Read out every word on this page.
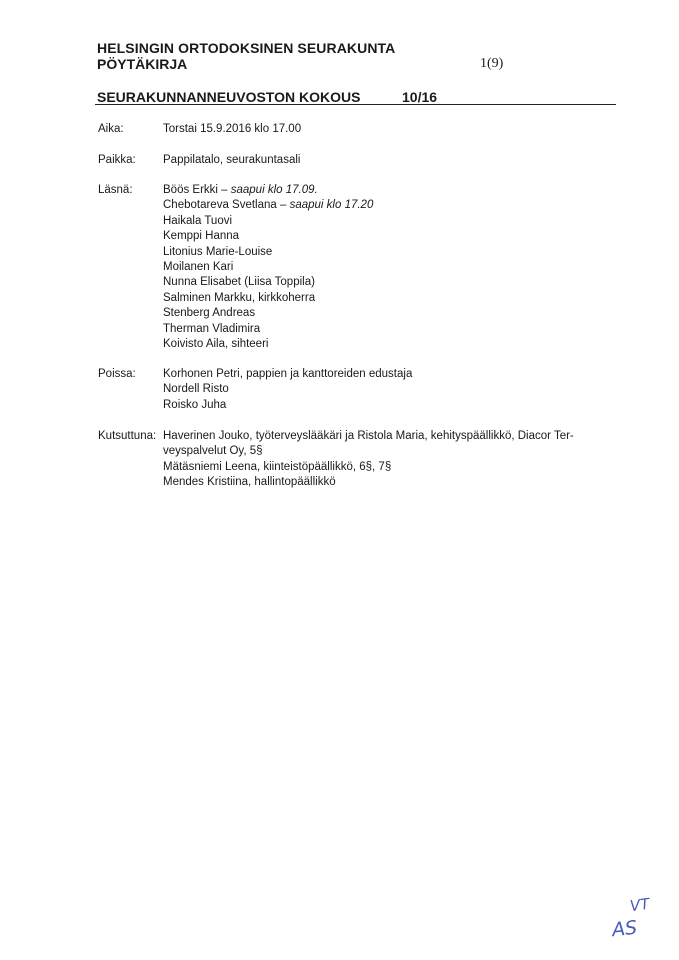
HELSINGIN ORTODOKSINEN SEURAKUNTA
PÖYTÄKIRJA	1(9)
SEURAKUNNANNEUVOSTON KOKOUS	10/16
Aika:	Torstai 15.9.2016 klo 17.00
Paikka: Pappilatalo, seurakuntasali
Läsnä:	Böös Erkki – saapui klo 17.09.
Chebotareva Svetlana – saapui klo 17.20
Haikala Tuovi
Kemppi Hanna
Litonius Marie-Louise
Moilanen Kari
Nunna Elisabet (Liisa Toppila)
Salminen Markku, kirkkoherra
Stenberg Andreas
Therman Vladimira
Koivisto Aila, sihteeri
Poissa: Korhonen Petri, pappien ja kanttoreiden edustaja
Nordell Risto
Roisko Juha
Kutsuttuna: Haverinen Jouko, työterveyslääkäri ja Ristola Maria, kehityspäällikkö, Diacor Ter-
veyspalvelut Oy, 5§
Mätäsniemi Leena, kiinteistöpäällikkö, 6§, 7§
Mendes Kristiina, hallintopäällikkö
VT
AS
